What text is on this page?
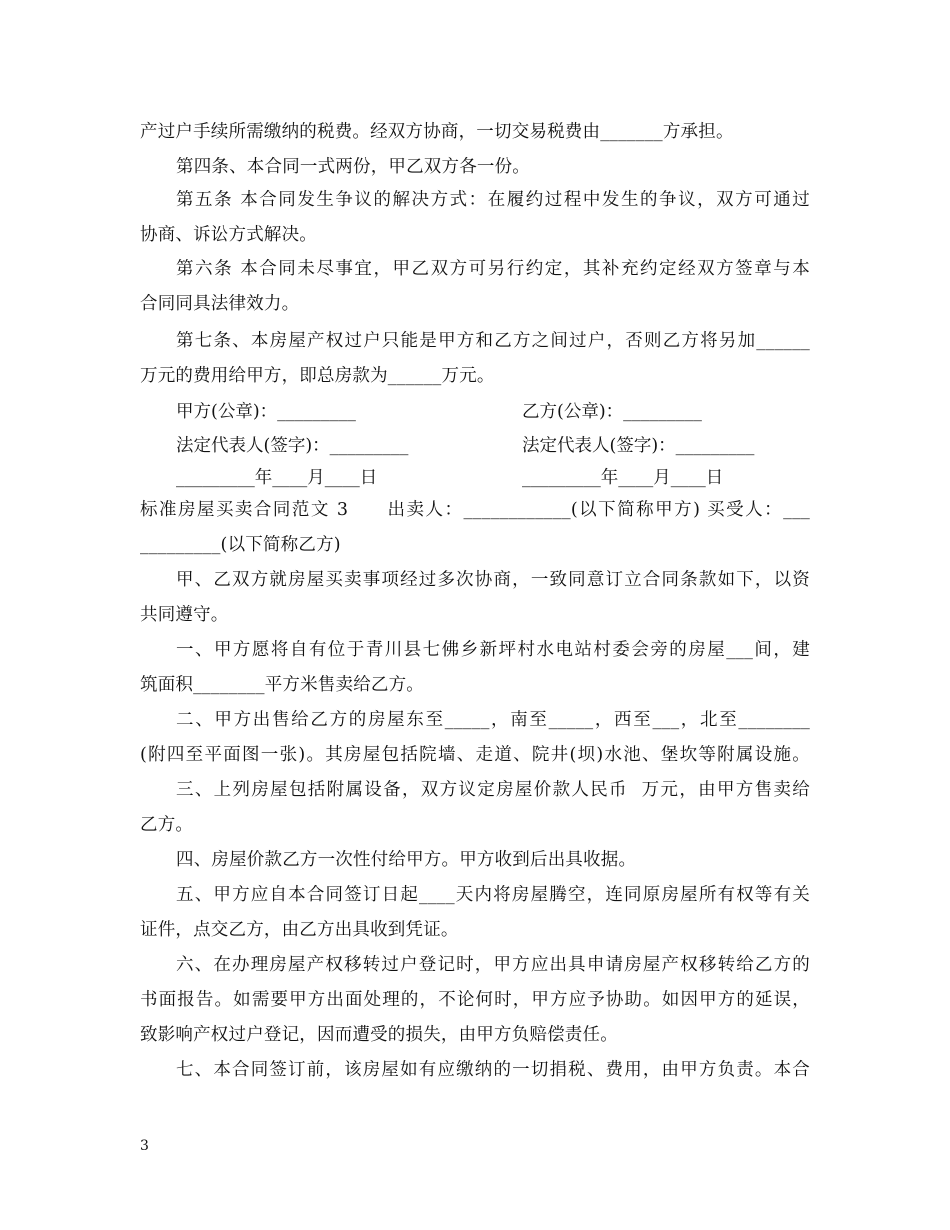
产过户手续所需缴纳的税费。经双方协商，一切交易税费由_______方承担。
第四条、本合同一式两份，甲乙双方各一份。
第五条 本合同发生争议的解决方式：在履约过程中发生的争议，双方可通过
协商、诉讼方式解决。
第六条 本合同未尽事宜，甲乙双方可另行约定，其补充约定经双方签章与本
合同同具法律效力。
第七条、本房屋产权过户只能是甲方和乙方之间过户，否则乙方将另加______
万元的费用给甲方，即总房款为______万元。
甲方(公章)：_________	乙方(公章)：_________
法定代表人(签字)：_________	法定代表人(签字)：_________
_________年____月____日	_________年____月____日
标准房屋买卖合同范文 3　　出卖人：____________(以下简称甲方) 买受人：___
_________(以下简称乙方)
甲、乙双方就房屋买卖事项经过多次协商，一致同意订立合同条款如下，以资
共同遵守。
一、甲方愿将自有位于青川县七佛乡新坪村水电站村委会旁的房屋___间，建
筑面积________平方米售卖给乙方。
二、甲方出售给乙方的房屋东至_____，南至_____，西至___，北至________
(附四至平面图一张)。其房屋包括院墙、走道、院井(坝)水池、堡坎等附属设施。
三、上列房屋包括附属设备，双方议定房屋价款人民币  万元，由甲方售卖给
乙方。
四、房屋价款乙方一次性付给甲方。甲方收到后出具收据。
五、甲方应自本合同签订日起____天内将房屋腾空，连同原房屋所有权等有关
证件，点交乙方，由乙方出具收到凭证。
六、在办理房屋产权移转过户登记时，甲方应出具申请房屋产权移转给乙方的
书面报告。如需要甲方出面处理的，不论何时，甲方应予协助。如因甲方的延误，
致影响产权过户登记，因而遭受的损失，由甲方负赔偿责任。
七、本合同签订前，该房屋如有应缴纳的一切捐税、费用，由甲方负责。本合
3
